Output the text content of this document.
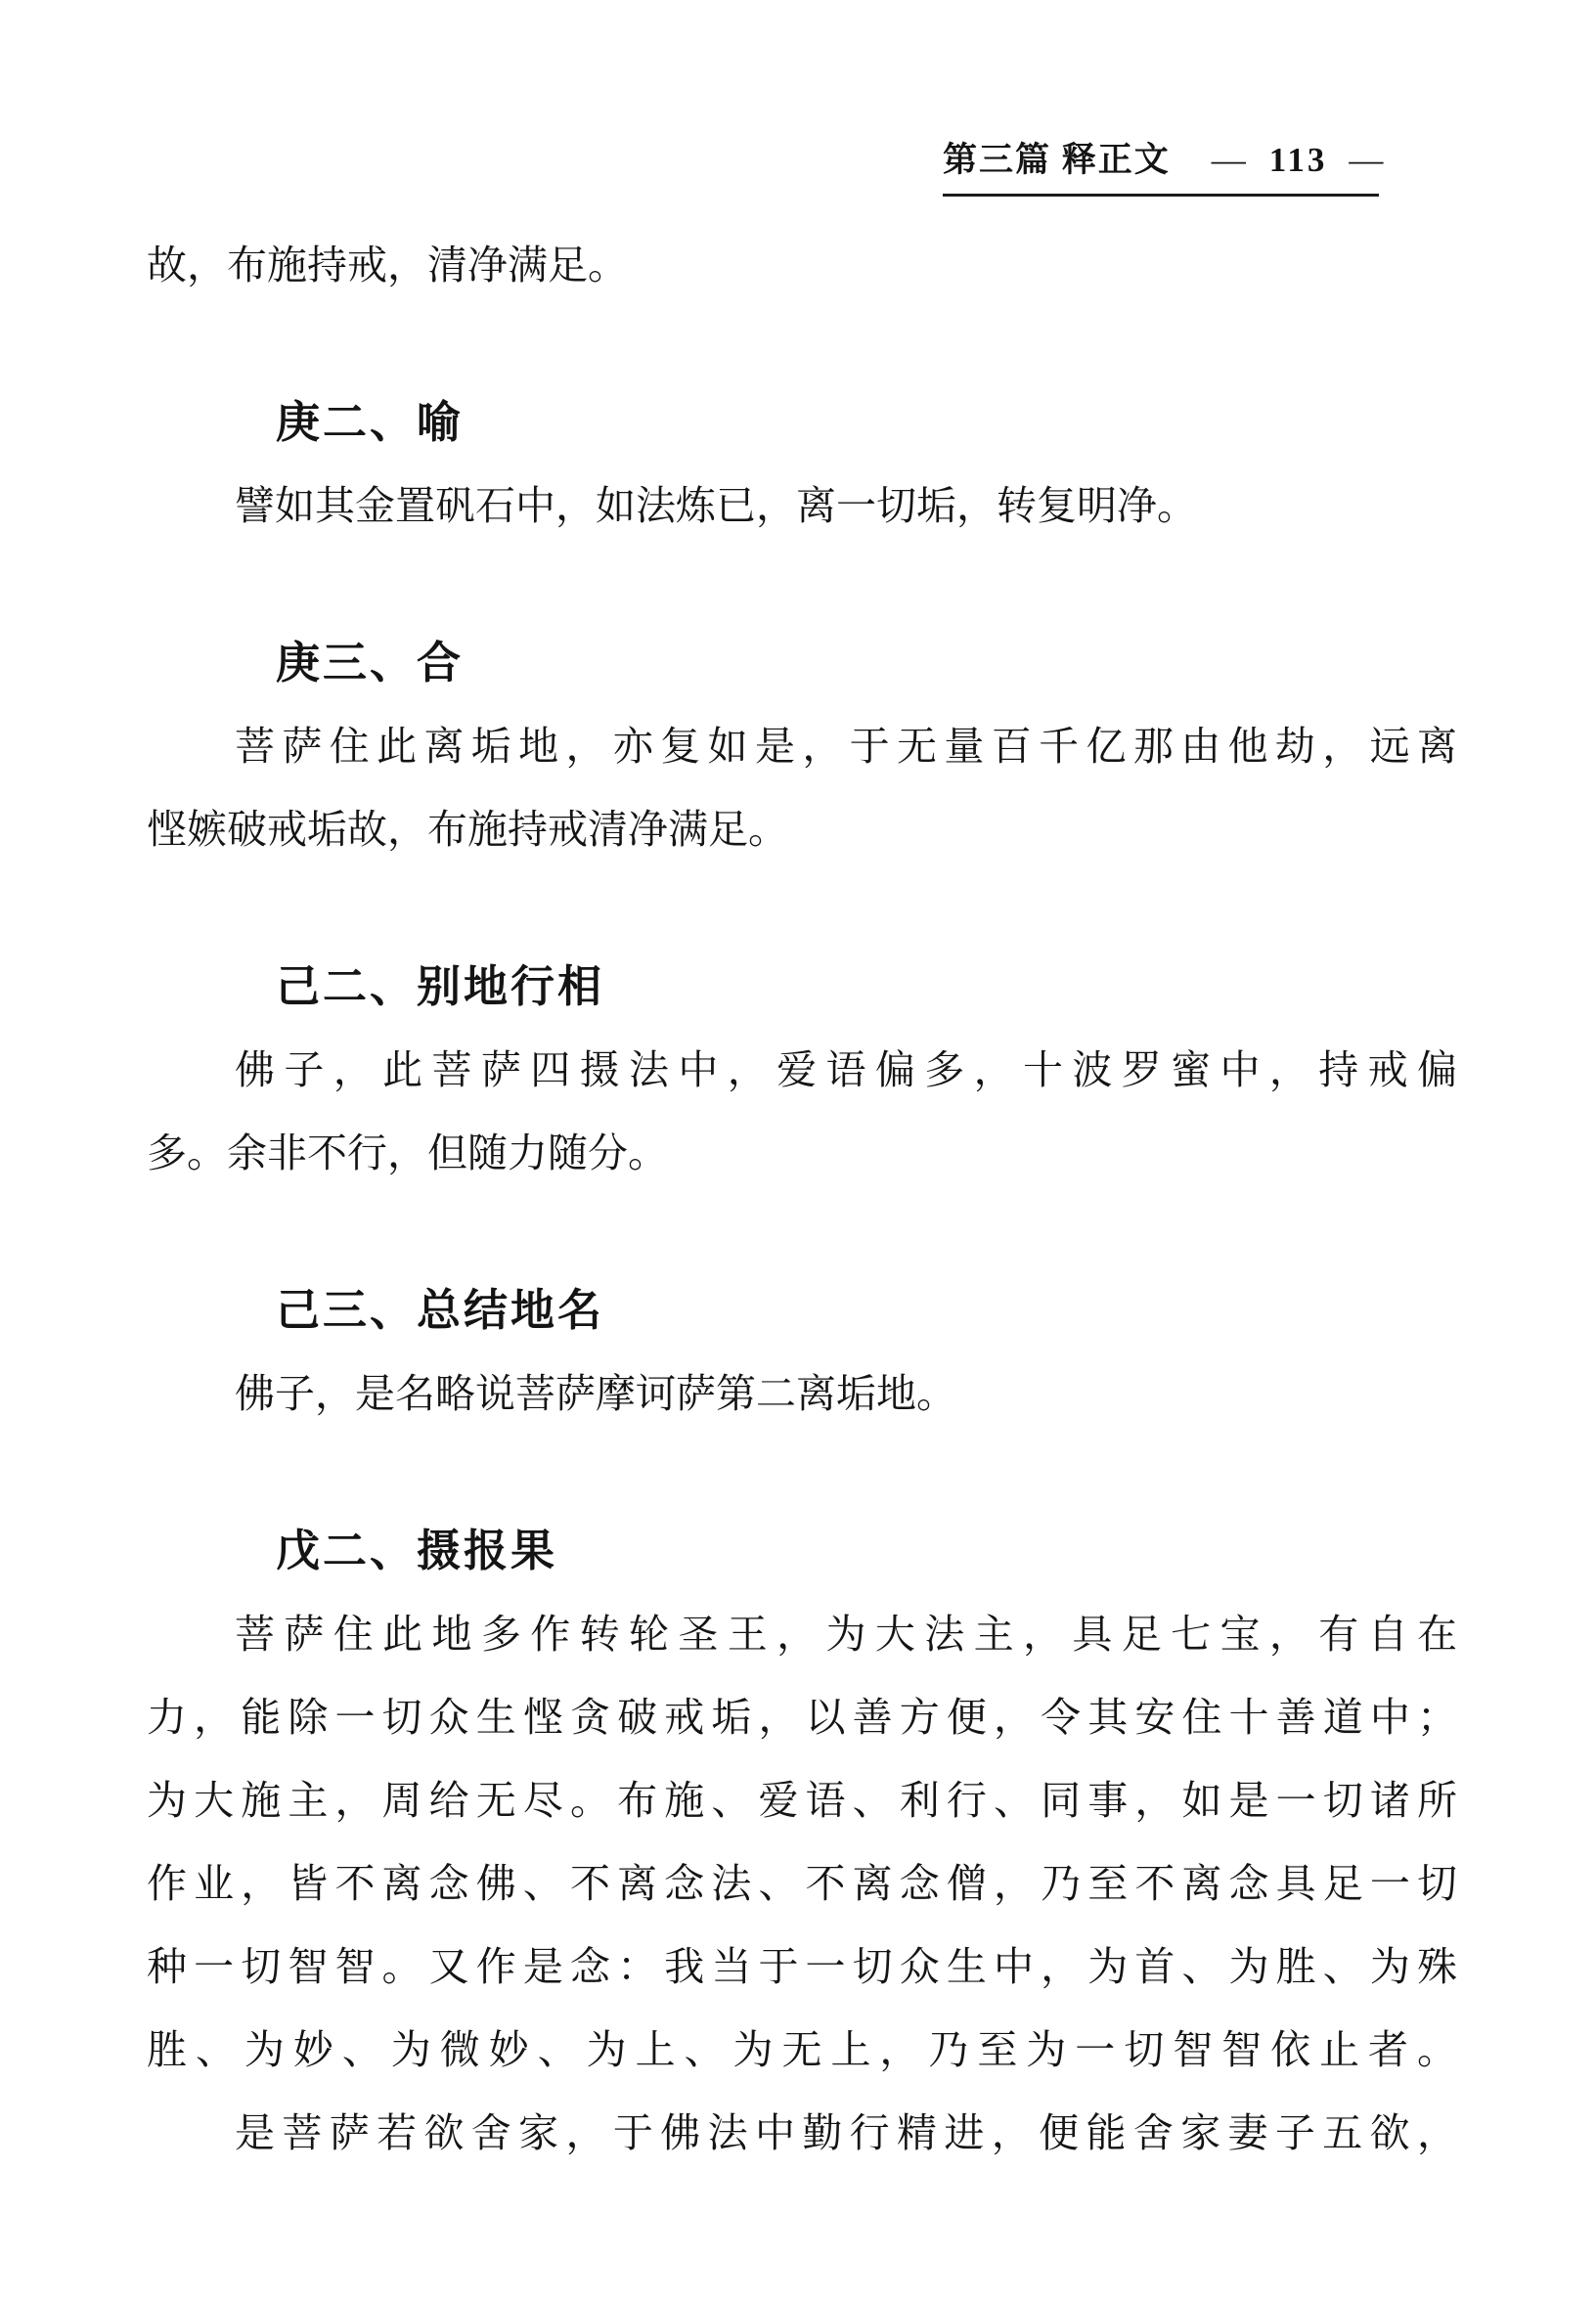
第三篇 释正文 — 113 —
故，布施持戒，清净满足。
庚二、喻
譬如其金置矾石中，如法炼已，离一切垢，转复明净。
庚三、合
菩萨住此离垢地，亦复如是，于无量百千亿那由他劫，远离
悭嫉破戒垢故，布施持戒清净满足。
己二、别地行相
佛子，此菩萨四摄法中，爱语偏多，十波罗蜜中，持戒偏
多。余非不行，但随力随分。
己三、总结地名
佛子，是名略说菩萨摩诃萨第二离垢地。
戊二、摄报果
菩萨住此地多作转轮圣王，为大法主，具足七宝，有自在
力，能除一切众生悭贪破戒垢，以善方便，令其安住十善道中；
为大施主，周给无尽。布施、爱语、利行、同事，如是一切诸所
作业，皆不离念佛、不离念法、不离念僧，乃至不离念具足一切
种一切智智。又作是念：我当于一切众生中，为首、为胜、为殊
胜、为妙、为微妙、为上、为无上，乃至为一切智智依止者。
是菩萨若欲舍家，于佛法中勤行精进，便能舍家妻子五欲，
